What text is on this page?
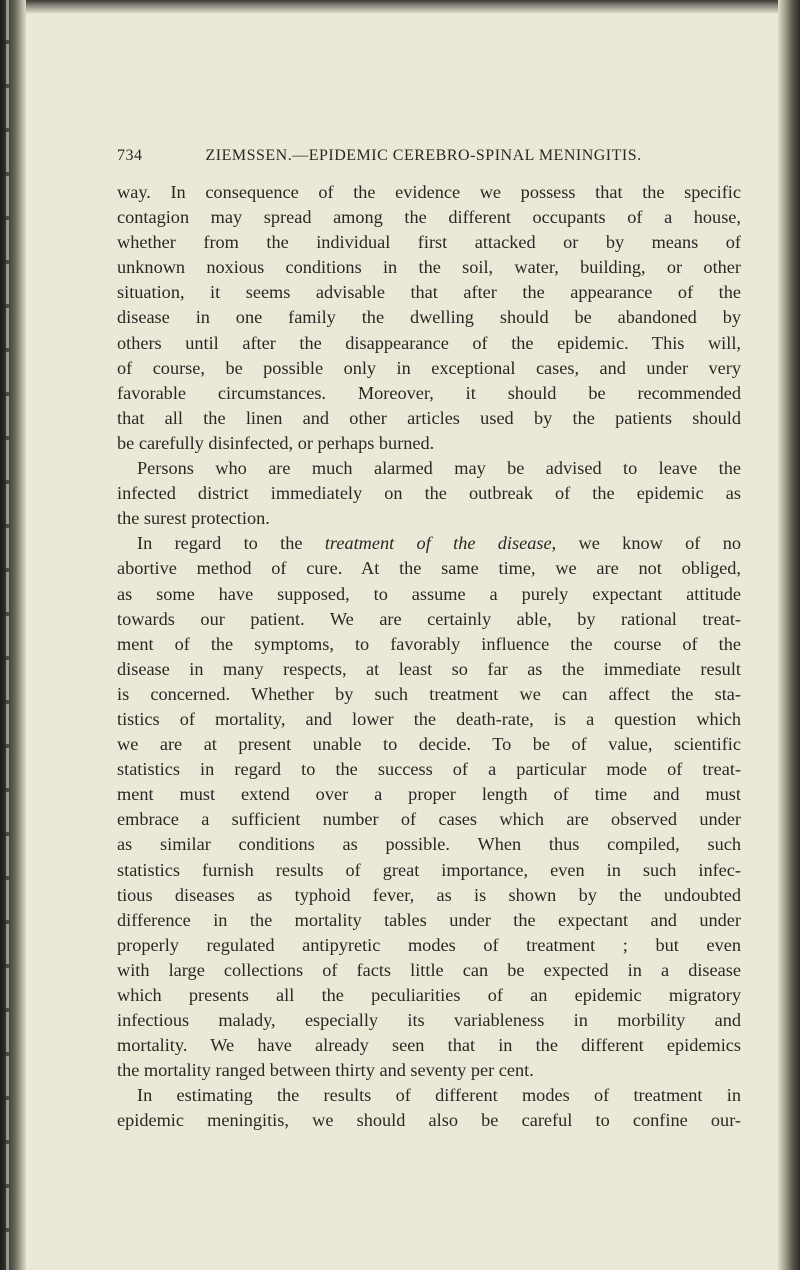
734	ZIEMSSEN.—EPIDEMIC CEREBRO-SPINAL MENINGITIS.
way. In consequence of the evidence we possess that the specific
contagion may spread among the different occupants of a house,
whether from the individual first attacked or by means of
unknown noxious conditions in the soil, water, building, or other
situation, it seems advisable that after the appearance of the
disease in one family the dwelling should be abandoned by
others until after the disappearance of the epidemic. This will,
of course, be possible only in exceptional cases, and under very
favorable circumstances. Moreover, it should be recommended
that all the linen and other articles used by the patients should
be carefully disinfected, or perhaps burned.
Persons who are much alarmed may be advised to leave the
infected district immediately on the outbreak of the epidemic as
the surest protection.
In regard to the treatment of the disease, we know of no
abortive method of cure. At the same time, we are not obliged,
as some have supposed, to assume a purely expectant attitude
towards our patient. We are certainly able, by rational treat-
ment of the symptoms, to favorably influence the course of the
disease in many respects, at least so far as the immediate result
is concerned. Whether by such treatment we can affect the sta-
tistics of mortality, and lower the death-rate, is a question which
we are at present unable to decide. To be of value, scientific
statistics in regard to the success of a particular mode of treat-
ment must extend over a proper length of time and must
embrace a sufficient number of cases which are observed under
as similar conditions as possible. When thus compiled, such
statistics furnish results of great importance, even in such infec-
tious diseases as typhoid fever, as is shown by the undoubted
difference in the mortality tables under the expectant and under
properly regulated antipyretic modes of treatment ; but even
with large collections of facts little can be expected in a disease
which presents all the peculiarities of an epidemic migratory
infectious malady, especially its variableness in morbility and
mortality. We have already seen that in the different epidemics
the mortality ranged between thirty and seventy per cent.
In estimating the results of different modes of treatment in
epidemic meningitis, we should also be careful to confine our-
